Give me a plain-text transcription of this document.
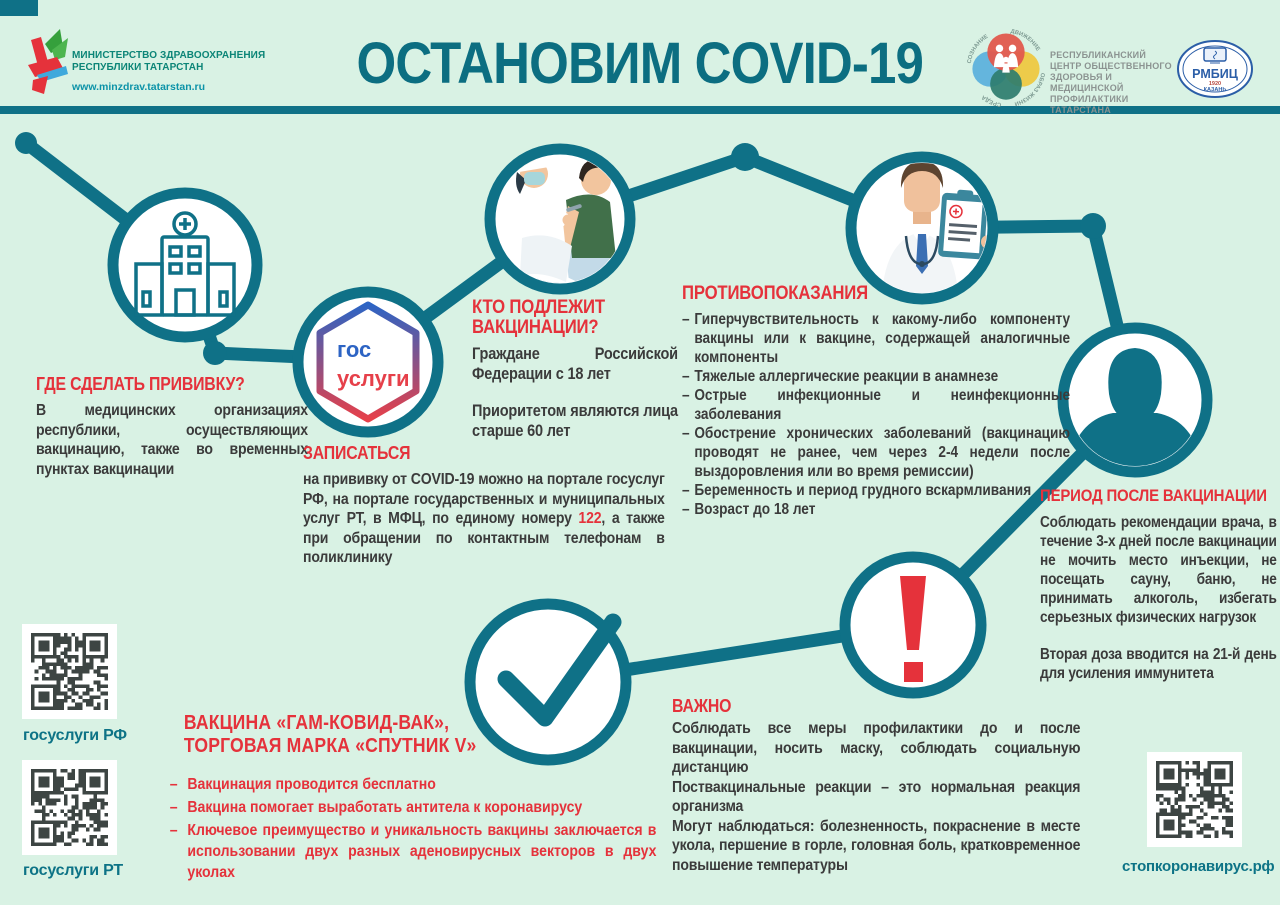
МИНИСТЕРСТВО ЗДРАВООХРАНЕНИЯ
РЕСПУБЛИКИ ТАТАРСТАН
www.minzdrav.tatarstan.ru	ОСТАНОВИМ COVID-19	ДВИЖЕНИЕ
ОБРАЗ ЖИЗНИ
СРЕДА
СОЗНАНИЕ
РЕСПУБЛИКАНСКИЙ
ЦЕНТР ОБЩЕСТВЕННОГО
ЗДОРОВЬЯ И МЕДИЦИНСКОЙ
ПРОФИЛАКТИКИ ТАТАРСТАНА
РМБИЦ
1920
КАЗАНЬ
гос
услуги
ГДЕ СДЕЛАТЬ ПРИВИВКУ?

В медицинских организациях республики, осуществляющих вакцинацию, также во временных пунктах вакцинации

ЗАПИСАТЬСЯ

на прививку от COVID-19 можно на портале госуслуг РФ, на портале государственных и муниципальных услуг РТ, в МФЦ, по единому номеру 122, а также при обращении по контактным телефонам в поликлинику

КТО ПОДЛЕЖИТ ВАКЦИНАЦИИ?

Граждане Российской Федерации с 18 лет

Приоритетом являются лица старше 60 лет

ПРОТИВОПОКАЗАНИЯ
– Гиперчувствительность к какому-либо компоненту вакцины или к вакцине, содержащей аналогичные компоненты
– Тяжелые аллергические реакции в анамнезе
– Острые инфекционные и неинфекционные заболевания
– Обострение хронических заболеваний (вакцинацию проводят не ранее, чем через 2-4 недели после выздоровления или во время ремиссии)
– Беременность и период грудного вскармливания
– Возраст до 18 лет
ПЕРИОД ПОСЛЕ ВАКЦИНАЦИИ

Соблюдать рекомендации врача, в течение 3-х дней после вакцинации не мочить место инъекции, не посещать сауну, баню, не принимать алкоголь, избегать серьезных физических нагрузок

Вторая доза вводится на 21-й день для усиления иммунитета

ВАЖНО

Соблюдать все меры профилактики до и после вакцинации, носить маску, соблюдать социальную дистанцию

Поствакцинальные реакции – это нормальная реакция организма

Могут наблюдаться: болезненность, покраснение в месте укола, першение в горле, головная боль, кратковременное повышение температуры

ВАКЦИНА «ГАМ-КОВИД-ВАК»,
ТОРГОВАЯ МАРКА «СПУТНИК V»
– Вакцинация проводится бесплатно
– Вакцина помогает выработать антитела к коронавирусу
– Ключевое преимущество и уникальность вакцины заключается в использовании двух разных аденовирусных векторов в двух уколах
госуслуги РФ
госуслуги РТ	стопкоронавирус.рф
